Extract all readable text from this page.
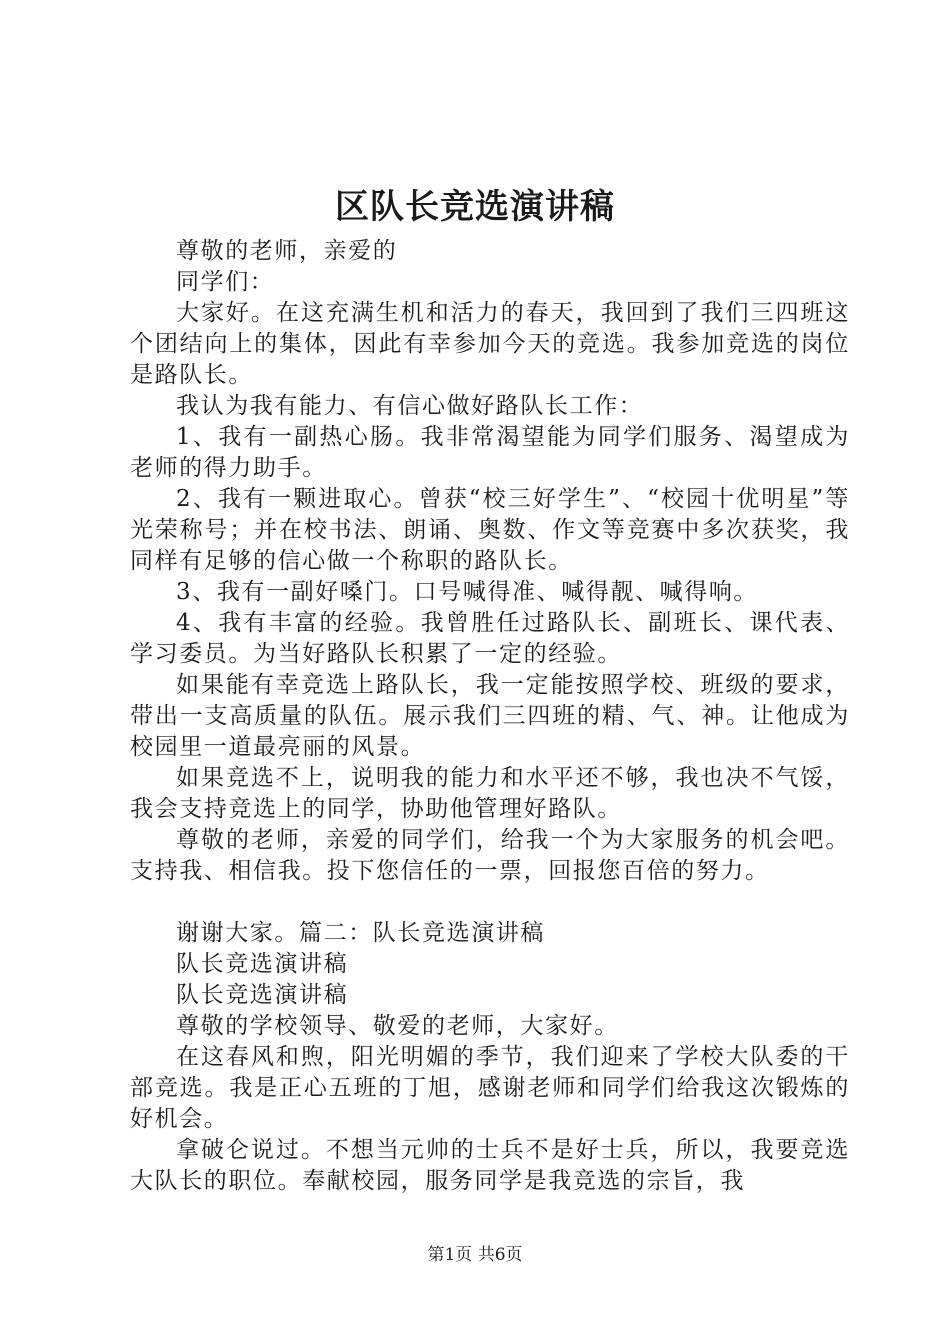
区队长竞选演讲稿

尊敬的老师，亲爱的

同学们：

大家好。在这充满生机和活力的春天，我回到了我们三四班这个团结向上的集体，因此有幸参加今天的竞选。我参加竞选的岗位是路队长。

我认为我有能力、有信心做好路队长工作：

1、我有一副热心肠。我非常渴望能为同学们服务、渴望成为老师的得力助手。

2、我有一颗进取心。曾获“校三好学生”、“校园十优明星”等光荣称号；并在校书法、朗诵、奥数、作文等竞赛中多次获奖，我同样有足够的信心做一个称职的路队长。

3、我有一副好嗓门。口号喊得准、喊得靓、喊得响。

4、我有丰富的经验。我曾胜任过路队长、副班长、课代表、学习委员。为当好路队长积累了一定的经验。

如果能有幸竞选上路队长，我一定能按照学校、班级的要求，带出一支高质量的队伍。展示我们三四班的精、气、神。让他成为校园里一道最亮丽的风景。

如果竞选不上，说明我的能力和水平还不够，我也决不气馁，我会支持竞选上的同学，协助他管理好路队。

尊敬的老师，亲爱的同学们，给我一个为大家服务的机会吧。支持我、相信我。投下您信任的一票，回报您百倍的努力。

谢谢大家。篇二：队长竞选演讲稿

队长竞选演讲稿

队长竞选演讲稿

尊敬的学校领导、敬爱的老师，大家好。

在这春风和煦，阳光明媚的季节，我们迎来了学校大队委的干部竞选。我是正心五班的丁旭，感谢老师和同学们给我这次锻炼的好机会。

拿破仑说过。不想当元帅的士兵不是好士兵，所以，我要竞选大队长的职位。奉献校园，服务同学是我竞选的宗旨，我

第1页 共6页
